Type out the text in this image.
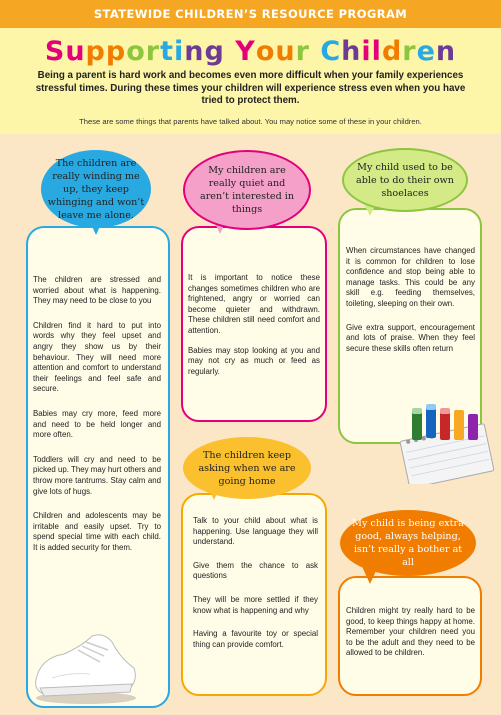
STATEWIDE CHILDREN’S RESOURCE PROGRAM
Supporting Your Children
Being a parent is hard work and becomes even more difficult when your family experiences stressful times. During these times your children will experience stress even when you have tried to protect them.
These are some things that parents have talked about. You may notice some of these in your children.
The children are really winding me up, they keep whinging and won’t leave me alone.

The children are stressed and worried about what is happening. They may need to be close to you

Children find it hard to put into words why they feel upset and angry they show us by their behaviour. They will need more attention and comfort to understand their feelings and feel safe and secure.

Babies may cry more, feed more and need to be held longer and more often.

Toddlers will cry and need to be picked up. They may hurt others and throw more tantrums. Stay calm and give lots of hugs.

Children and adolescents may be irritable and easily upset. Try to spend special time with each child. It is added security for them.

My children are really quiet and aren’t interested in things

It is important to notice these changes sometimes children who are frightened, angry or worried can become quieter and withdrawn. These children still need comfort and attention.

Babies may stop looking at you and may not cry as much or feed as regularly.

My child used to be able to do their own shoelaces

When circumstances have changed it is common for children to lose confidence and stop being able to manage tasks. This could be any skill e.g. feeding themselves, toileting, sleeping on their own.

Give extra support, encouragement and lots of praise. When they feel secure these skills often return

The children keep asking when we are going home

Talk to your child about what is happening. Use language they will understand.

Give them the chance to ask questions

They will be more settled if they know what is happening and why

Having a favourite toy or special thing can provide comfort.

My child is being extra good, always helping, isn’t really a bother at all

Children might try really hard to be good, to keep things happy at home. Remember your children need you to be the adult and they need to be allowed to be children.
